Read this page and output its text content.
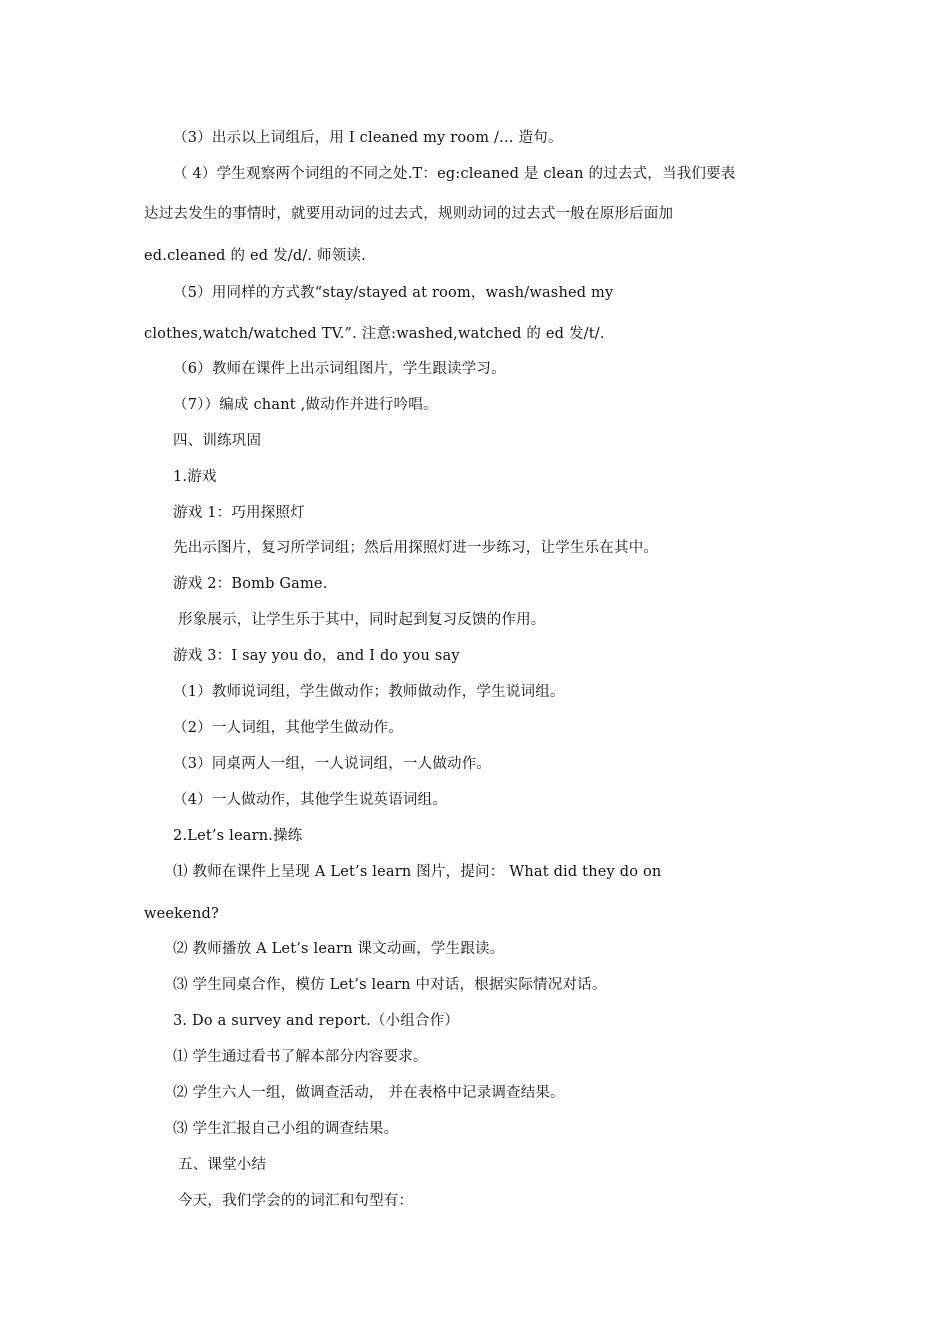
（3）出示以上词组后，用 I cleaned my room /… 造句。
（ 4）学生观察两个词组的不同之处.T：eg:cleaned 是 clean 的过去式，当我们要表
达过去发生的事情时，就要用动词的过去式，规则动词的过去式一般在原形后面加
ed.cleaned 的 ed 发/d/. 师领读.
（5）用同样的方式教“stay/stayed at room，wash/washed my
clothes,watch/watched TV.”. 注意:washed,watched 的 ed 发/t/.
（6）教师在课件上出示词组图片，学生跟读学习。
（7））编成 chant ,做动作并进行吟唱。
四、训练巩固
1.游戏
游戏 1：巧用探照灯
先出示图片，复习所学词组；然后用探照灯进一步练习，让学生乐在其中。
游戏 2：Bomb Game.
形象展示，让学生乐于其中，同时起到复习反馈的作用。
游戏 3：I say you do，and I do you say
（1）教师说词组，学生做动作；教师做动作，学生说词组。
（2）一人词组，其他学生做动作。
（3）同桌两人一组，一人说词组，一人做动作。
（4）一人做动作，其他学生说英语词组。
2.Let’s learn.操练
⑴ 教师在课件上呈现 A Let’s learn 图片，提问： What did they do on
weekend?
⑵ 教师播放 A Let’s learn 课文动画，学生跟读。
⑶ 学生同桌合作，模仿 Let’s learn 中对话，根据实际情况对话。
3. Do a survey and report.（小组合作）
⑴ 学生通过看书了解本部分内容要求。
⑵ 学生六人一组，做调查活动， 并在表格中记录调查结果。
⑶ 学生汇报自己小组的调查结果。
五、课堂小结
今天，我们学会的的词汇和句型有：
